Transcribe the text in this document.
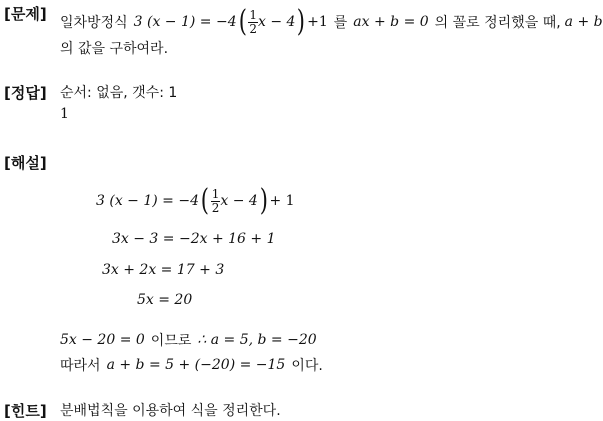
[문제] 일차방정식 3 (x − 1) = −4 ( $\frac{1}{2}$ x − 4 ) +1 를 ax + b = 0 의 꼴로 정리했을 때, a + b
의 값을 구하여라.
[정답] 순서: 없음, 갯수: 1
1
[해설]
3 (x − 1) = −4 ( $\frac{1}{2}$ x − 4 ) + 1
3x − 3 = −2x + 16 + 1
3x + 2x = 17 + 3
5x = 20
5x − 20 = 0 이므로 ∴ a = 5, b = −20
따라서 a + b = 5 + (−20) = −15 이다.
[힌트] 분배법칙을 이용하여 식을 정리한다.
